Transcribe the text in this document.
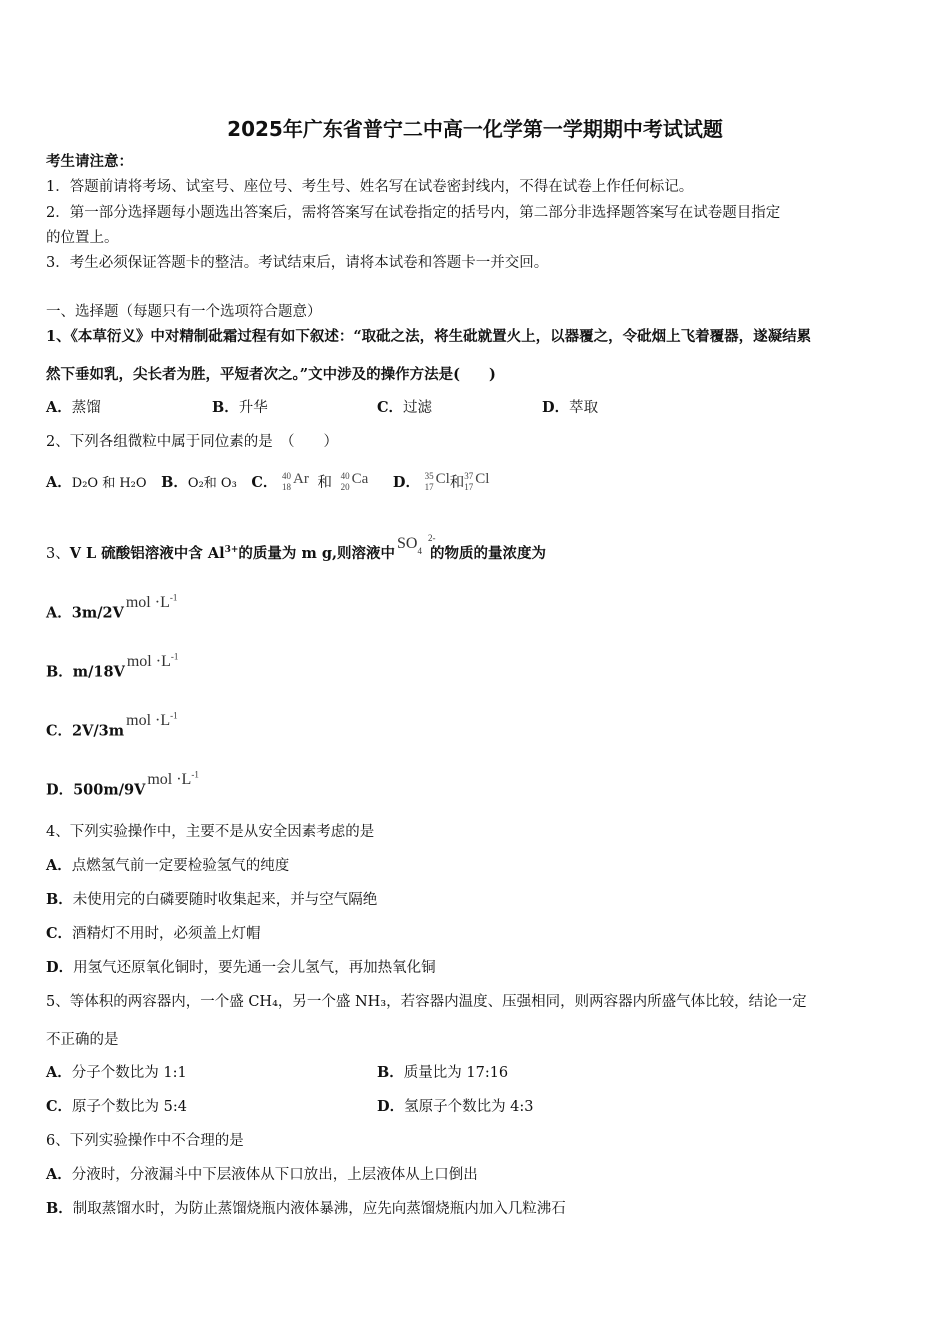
2025年广东省普宁二中高一化学第一学期期中考试试题
考生请注意：
1．答题前请将考场、试室号、座位号、考生号、姓名写在试卷密封线内，不得在试卷上作任何标记。
2．第一部分选择题每小题选出答案后，需将答案写在试卷指定的括号内，第二部分非选择题答案写在试卷题目指定
的位置上。
3．考生必须保证答题卡的整洁。考试结束后，请将本试卷和答题卡一并交回。
一、选择题（每题只有一个选项符合题意）
1、《本草衍义》中对精制砒霜过程有如下叙述：“取砒之法，将生砒就置火上，以器覆之，令砒烟上飞着覆器，遂凝结累
然下垂如乳，尖长者为胜，平短者次之。”文中涉及的操作方法是(　　)
A．蒸馏	B．升华	C．过滤	D．萃取
2、下列各组微粒中属于同位素的是　（　　）
A．D₂O 和 H₂O B．O₂和 O₃ C． 40
18 Ar 和 40
20 Ca D． 35
17 Cl和 37
17 Cl
3、V L 硫酸铝溶液中含 $Al^{3+}$的质量为 m g,则溶液中$SO_4$
2-
的物质的量浓度为
A．3m/2Vmol $\cdot L^{-1}$
B．m/18Vmol $\cdot L^{-1}$
C．2V/3mmol $\cdot L^{-1}$
D．500m/9Vmol $\cdot L^{-1}$
4、下列实验操作中，主要不是从安全因素考虑的是
A．点燃氢气前一定要检验氢气的纯度
B．未使用完的白磷要随时收集起来，并与空气隔绝
C．酒精灯不用时，必须盖上灯帽
D．用氢气还原氧化铜时，要先通一会儿氢气，再加热氧化铜
5、等体积的两容器内，一个盛 CH₄，另一个盛 NH₃，若容器内温度、压强相同，则两容器内所盛气体比较，结论一定
不正确的是
A．分子个数比为 1:1	B．质量比为 17:16
C．原子个数比为 5:4	D．氢原子个数比为 4:3
6、下列实验操作中不合理的是
A．分液时，分液漏斗中下层液体从下口放出，上层液体从上口倒出
B．制取蒸馏水时，为防止蒸馏烧瓶内液体暴沸，应先向蒸馏烧瓶内加入几粒沸石
